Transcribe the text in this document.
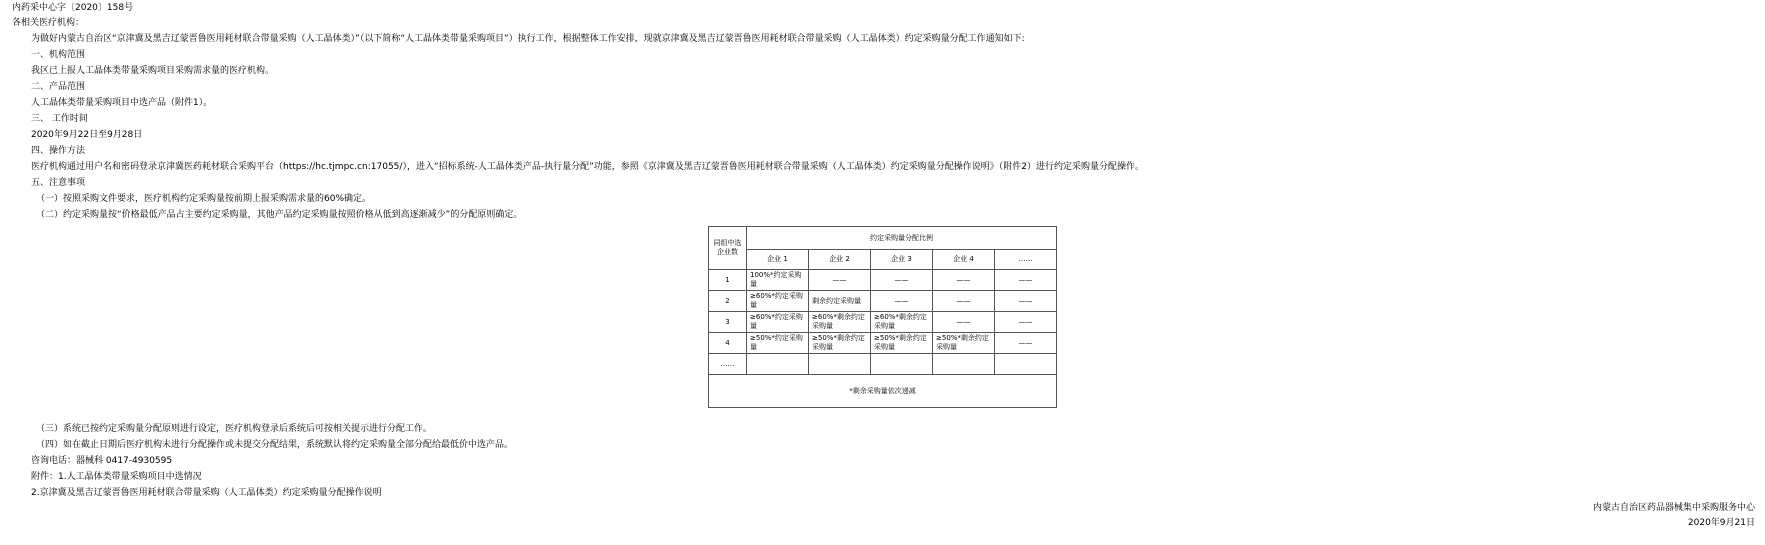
内药采中心字〔2020〕158号
各相关医疗机构：
为做好内蒙古自治区“京津冀及黑吉辽蒙晋鲁医用耗材联合带量采购（人工晶体类）”（以下简称“人工晶体类带量采购项目”）执行工作，根据整体工作安排，现就京津冀及黑吉辽蒙晋鲁医用耗材联合带量采购（人工晶体类）约定采购量分配工作通知如下:
一、机构范围
我区已上报人工晶体类带量采购项目采购需求量的医疗机构。
二、产品范围
人工晶体类带量采购项目中选产品（附件1）。
三、 工作时间
2020年9月22日至9月28日
四、操作方法
医疗机构通过用户名和密码登录京津冀医药耗材联合采购平台（https://hc.tjmpc.cn:17055/），进入“招标系统-人工晶体类产品-执行量分配”功能，参照《京津冀及黑吉辽蒙晋鲁医用耗材联合带量采购（人工晶体类）约定采购量分配操作说明》（附件2）进行约定采购量分配操作。
五、注意事项
（一）按照采购文件要求，医疗机构约定采购量按前期上报采购需求量的60%确定。
（二）约定采购量按“价格最低产品占主要约定采购量，其他产品约定采购量按照价格从低到高逐渐减少”的分配原则确定。
同组中选企业数	约定采购量分配比例				
	企业 1	企业 2	企业 3	企业 4	……
1	100%*约定采购量	——	——	——	——
2	≥60%*约定采购量	剩余约定采购量	——	——	——
3	≥60%*约定采购量	≥60%*剩余约定采购量	≥60%*剩余约定采购量	——	——
4	≥50%*约定采购量	≥50%*剩余约定采购量	≥50%*剩余约定采购量	≥50%*剩余约定采购量	——
……					
*剩余采购量依次递减					
（三）系统已按约定采购量分配原则进行设定，医疗机构登录后系统后可按相关提示进行分配工作。
（四）如在截止日期后医疗机构未进行分配操作或未提交分配结果，系统默认将约定采购量全部分配给最低价中选产品。
咨询电话：器械科 0417-4930595
附件：1.人工晶体类带量采购项目中选情况
2.京津冀及黑吉辽蒙晋鲁医用耗材联合带量采购（人工晶体类）约定采购量分配操作说明
内蒙古自治区药品器械集中采购服务中心
2020年9月21日
